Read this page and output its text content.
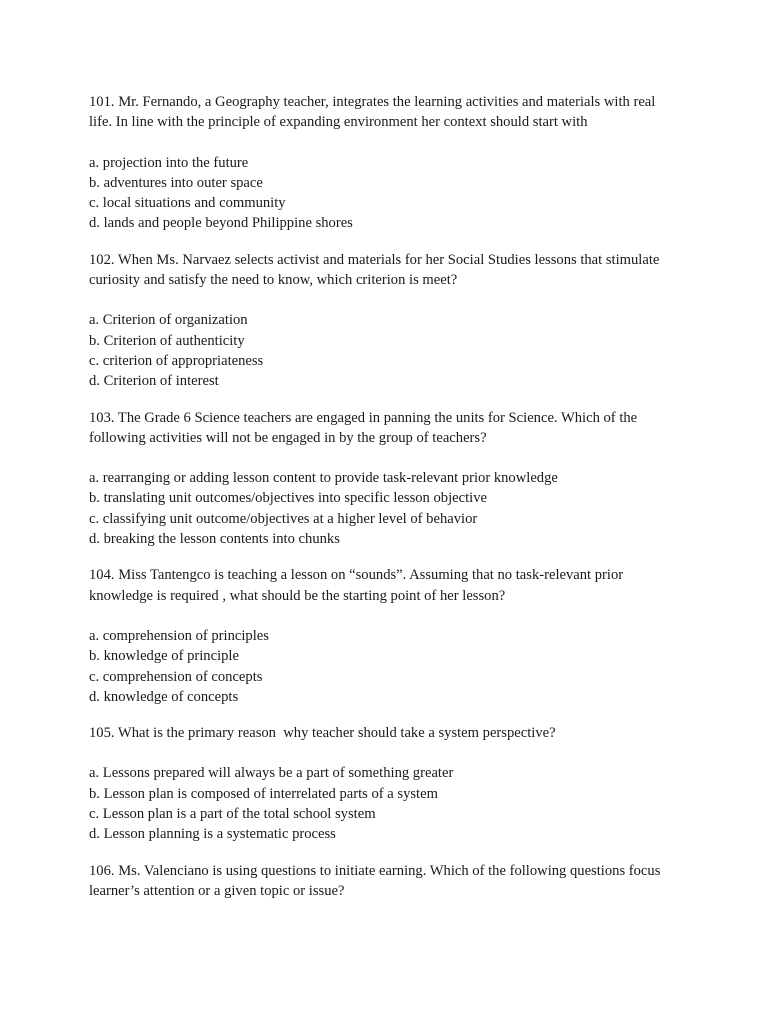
101. Mr. Fernando, a Geography teacher, integrates the learning activities and materials with real life. In line with the principle of expanding environment her context should start with

a. projection into the future
b. adventures into outer space
c. local situations and community
d. lands and people beyond Philippine shores

102. When Ms. Narvaez selects activist and materials for her Social Studies lessons that stimulate curiosity and satisfy the need to know, which criterion is meet?

a. Criterion of organization
b. Criterion of authenticity
c. criterion of appropriateness
d. Criterion of interest

103. The Grade 6 Science teachers are engaged in panning the units for Science. Which of the following activities will not be engaged in by the group of teachers?

a. rearranging or adding lesson content to provide task-relevant prior knowledge
b. translating unit outcomes/objectives into specific lesson objective
c. classifying unit outcome/objectives at a higher level of behavior
d. breaking the lesson contents into chunks

104. Miss Tantengco is teaching a lesson on “sounds”. Assuming that no task-relevant prior knowledge is required , what should be the starting point of her lesson?

a. comprehension of principles
b. knowledge of principle
c. comprehension of concepts
d. knowledge of concepts

105. What is the primary reason  why teacher should take a system perspective?

a. Lessons prepared will always be a part of something greater
b. Lesson plan is composed of interrelated parts of a system
c. Lesson plan is a part of the total school system
d. Lesson planning is a systematic process

106. Ms. Valenciano is using questions to initiate earning. Which of the following questions focus learner’s attention or a given topic or issue?
